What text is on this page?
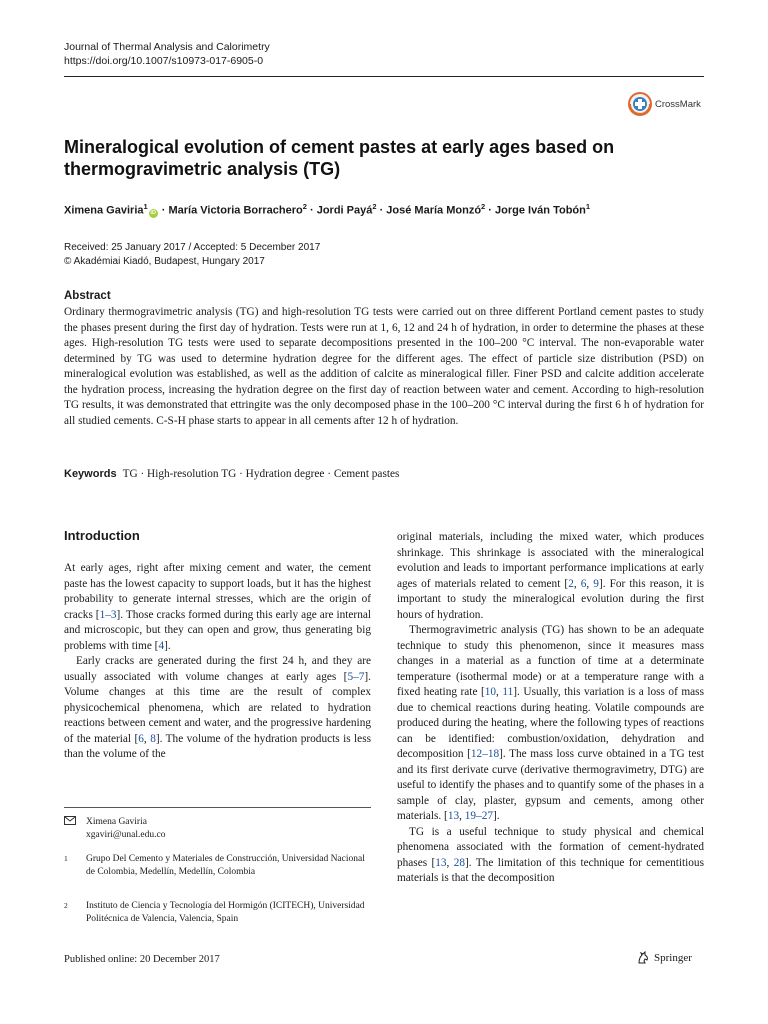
Journal of Thermal Analysis and Calorimetry
https://doi.org/10.1007/s10973-017-6905-0
CrossMark
Mineralogical evolution of cement pastes at early ages based on thermogravimetric analysis (TG)
Ximena Gaviria$^1$iD · María Victoria Borrachero$^2$ · Jordi Payá$^2$ · José María Monzó$^2$ · Jorge Iván Tobón$^1$
Received: 25 January 2017 / Accepted: 5 December 2017
© Akadémiai Kiadó, Budapest, Hungary 2017
Abstract
Ordinary thermogravimetric analysis (TG) and high-resolution TG tests were carried out on three different Portland cement pastes to study the phases present during the first day of hydration. Tests were run at 1, 6, 12 and 24 h of hydration, in order to determine the phases at these ages. High-resolution TG tests were used to separate decompositions presented in the 100–200 °C interval. The non-evaporable water determined by TG was used to determine hydration degree for the different ages. The effect of particle size distribution (PSD) on mineralogical evolution was established, as well as the addition of calcite as mineralogical filler. Finer PSD and calcite addition accelerate the hydration process, increasing the hydration degree on the first day of reaction between water and cement. According to high-resolution TG results, it was demonstrated that ettringite was the only decomposed phase in the 100–200 °C interval during the first 6 h of hydration for all studied cements. C-S-H phase starts to appear in all cements after 12 h of hydration.
Keywords TG · High-resolution TG · Hydration degree · Cement pastes
Introduction

At early ages, right after mixing cement and water, the cement paste has the lowest capacity to support loads, but it has the highest probability to generate internal stresses, which are the origin of cracks [1–3]. Those cracks formed during this early age are internal and microscopic, but they can open and grow, thus generating big problems with time [4].

Early cracks are generated during the first 24 h, and they are usually associated with volume changes at early ages [5–7]. Volume changes at this time are the result of complex physicochemical phenomena, which are related to hydration reactions between cement and water, and the progressive hardening of the material [6, 8]. The volume of the hydration products is less than the volume of the

original materials, including the mixed water, which produces shrinkage. This shrinkage is associated with the mineralogical evolution and leads to important performance implications at early ages of materials related to cement [2, 6, 9]. For this reason, it is important to study the mineralogical evolution during the first hours of hydration.

Thermogravimetric analysis (TG) has shown to be an adequate technique to study this phenomenon, since it measures mass changes in a material as a function of time at a determinate temperature (isothermal mode) or at a temperature range with a fixed heating rate [10, 11]. Usually, this variation is a loss of mass due to chemical reactions during heating. Volatile compounds are produced during the heating, where the following types of reactions can be identified: combustion/oxidation, dehydration and decomposition [12–18]. The mass loss curve obtained in a TG test and its first derivate curve (derivative thermogravimetry, DTG) are useful to identify the phases and to quantify some of the phases in a sample of clay, plaster, gypsum and cements, among other materials. [13, 19–27].

TG is a useful technique to study physical and chemical phenomena associated with the formation of cement-hydrated phases [13, 28]. The limitation of this technique for cementitious materials is that the decomposition

Ximena Gaviria
xgaviri@unal.edu.co
1 Grupo Del Cemento y Materiales de Construcción, Universidad Nacional de Colombia, Medellín, Medellín, Colombia
2 Instituto de Ciencia y Tecnología del Hormigón (ICITECH), Universidad Politécnica de Valencia, Valencia, Spain
Published online: 20 December 2017	Springer
